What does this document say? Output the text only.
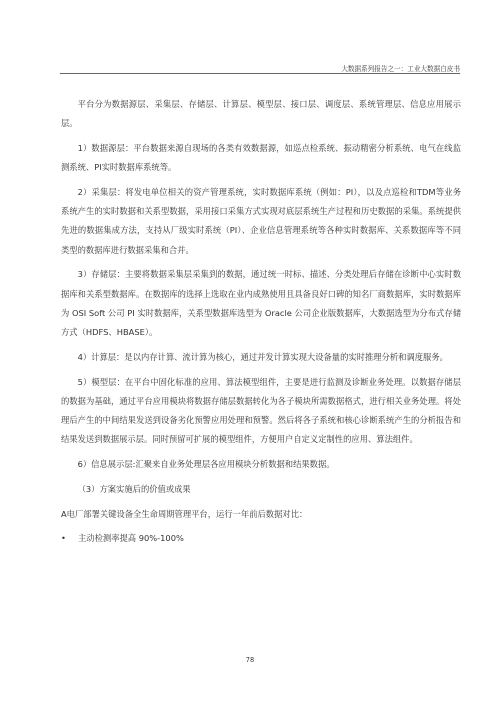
大数据系列报告之一：工业大数据白皮书

平台分为数据源层、采集层、存储层、计算层、模型层、接口层、调度层、系统管理层、信息应用展示层。

1）数据源层：平台数据来源自现场的各类有效数据源，如巡点检系统、振动精密分析系统、电气在线监测系统、PI实时数据库系统等。

2）采集层：将发电单位相关的资产管理系统，实时数据库系统（例如：PI），以及点巡检和TDM等业务系统产生的实时数据和关系型数据，采用接口采集方式实现对底层系统生产过程和历史数据的采集。系统提供先进的数据集成方法，支持从厂级实时系统（PI）、企业信息管理系统等各种实时数据库、关系数据库等不同类型的数据库进行数据采集和合并。

3）存储层：主要将数据采集层采集到的数据，通过统一时标、描述、分类处理后存储在诊断中心实时数据库和关系型数据库。在数据库的选择上选取在业内成熟使用且具备良好口碑的知名厂商数据库，实时数据库为 OSI Soft 公司 PI 实时数据库，关系型数据库选型为 Oracle 公司企业版数据库，大数据选型为分布式存储方式（HDFS、HBASE）。

4）计算层：是以内存计算、流计算为核心，通过并发计算实现大设备量的实时推理分析和调度服务。

5）模型层：在平台中固化标准的应用、算法模型组件，主要是进行监测及诊断业务处理。以数据存储层的数据为基础，通过平台应用模块将数据存储层数据转化为各子模块所需数据格式，进行相关业务处理。将处理后产生的中间结果发送到设备劣化预警应用处理和预警。然后将各子系统和核心诊断系统产生的分析报告和结果发送到数据展示层。同时预留可扩展的模型组件，方便用户自定义定制性的应用、算法组件。

6）信息展示层:汇聚来自业务处理层各应用模块分析数据和结果数据。

（3）方案实施后的价值或成果

A电厂部署关键设备全生命周期管理平台，运行一年前后数据对比：

•	主动检测率提高 90%-100%
78
